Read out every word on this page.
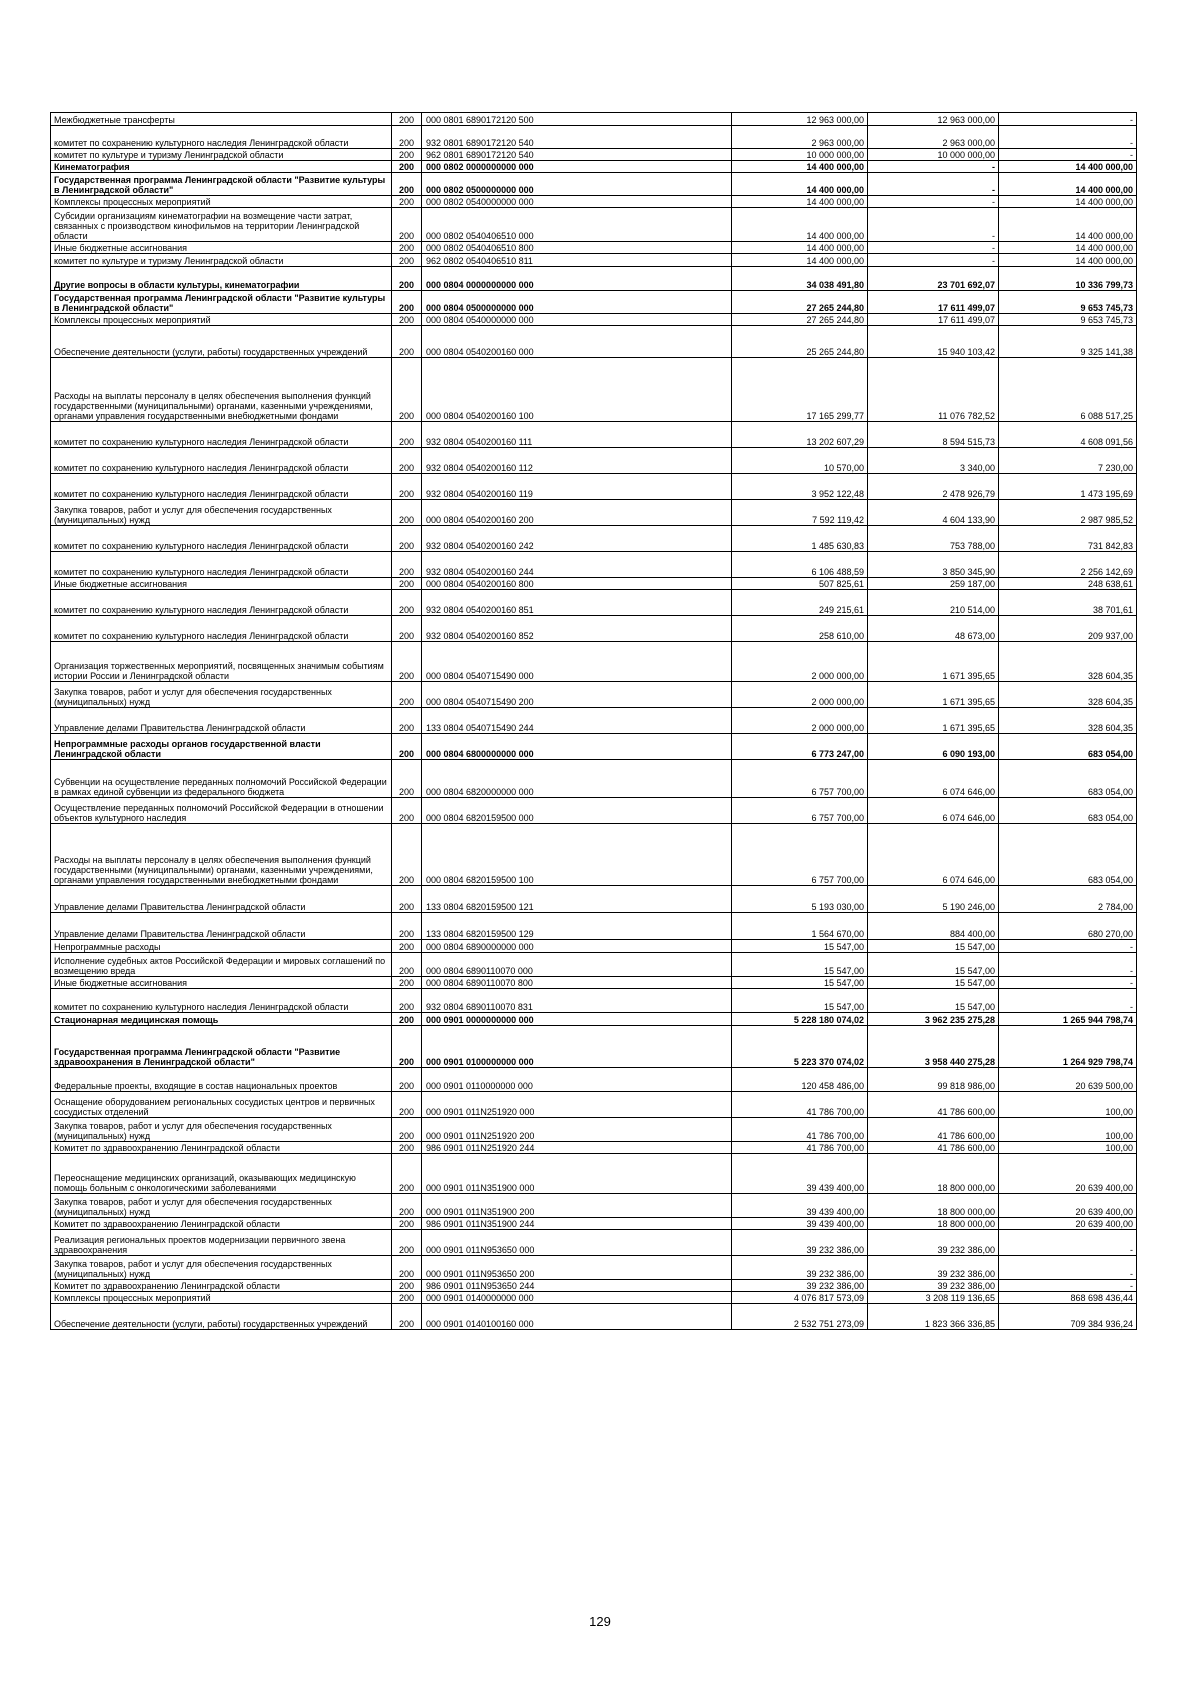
Межбюджетные трансферты	200	000 0801 6890172120 500	12 963 000,00	12 963 000,00	-
комитет по сохранению культурного наследия Ленинградской области	200	932 0801 6890172120 540	2 963 000,00	2 963 000,00	-
комитет по культуре и туризму Ленинградской области	200	962 0801 6890172120 540	10 000 000,00	10 000 000,00	-
Кинематография	200	000 0802 0000000000 000	14 400 000,00	-	14 400 000,00
Государственная программа Ленинградской области "Развитие культуры в Ленинградской области"	200	000 0802 0500000000 000	14 400 000,00	-	14 400 000,00
Комплексы процессных мероприятий	200	000 0802 0540000000 000	14 400 000,00	-	14 400 000,00
Субсидии организациям кинематографии на возмещение части затрат, связанных с производством кинофильмов на территории Ленинградской области	200	000 0802 0540406510 000	14 400 000,00	-	14 400 000,00
Иные бюджетные ассигнования	200	000 0802 0540406510 800	14 400 000,00	-	14 400 000,00
комитет по культуре и туризму Ленинградской области	200	962 0802 0540406510 811	14 400 000,00	-	14 400 000,00
Другие вопросы в области культуры, кинематографии	200	000 0804 0000000000 000	34 038 491,80	23 701 692,07	10 336 799,73
Государственная программа Ленинградской области "Развитие культуры в Ленинградской области"	200	000 0804 0500000000 000	27 265 244,80	17 611 499,07	9 653 745,73
Комплексы процессных мероприятий	200	000 0804 0540000000 000	27 265 244,80	17 611 499,07	9 653 745,73
Обеспечение деятельности (услуги, работы) государственных учреждений	200	000 0804 0540200160 000	25 265 244,80	15 940 103,42	9 325 141,38
Расходы на выплаты персоналу в целях обеспечения выполнения функций государственными (муниципальными) органами, казенными учреждениями, органами управления государственными внебюджетными фондами	200	000 0804 0540200160 100	17 165 299,77	11 076 782,52	6 088 517,25
комитет по сохранению культурного наследия Ленинградской области	200	932 0804 0540200160 111	13 202 607,29	8 594 515,73	4 608 091,56
комитет по сохранению культурного наследия Ленинградской области	200	932 0804 0540200160 112	10 570,00	3 340,00	7 230,00
комитет по сохранению культурного наследия Ленинградской области	200	932 0804 0540200160 119	3 952 122,48	2 478 926,79	1 473 195,69
Закупка товаров, работ и услуг для обеспечения государственных (муниципальных) нужд	200	000 0804 0540200160 200	7 592 119,42	4 604 133,90	2 987 985,52
комитет по сохранению культурного наследия Ленинградской области	200	932 0804 0540200160 242	1 485 630,83	753 788,00	731 842,83
комитет по сохранению культурного наследия Ленинградской области	200	932 0804 0540200160 244	6 106 488,59	3 850 345,90	2 256 142,69
Иные бюджетные ассигнования	200	000 0804 0540200160 800	507 825,61	259 187,00	248 638,61
комитет по сохранению культурного наследия Ленинградской области	200	932 0804 0540200160 851	249 215,61	210 514,00	38 701,61
комитет по сохранению культурного наследия Ленинградской области	200	932 0804 0540200160 852	258 610,00	48 673,00	209 937,00
Организация торжественных мероприятий, посвященных значимым событиям истории России и Ленинградской области	200	000 0804 0540715490 000	2 000 000,00	1 671 395,65	328 604,35
Закупка товаров, работ и услуг для обеспечения государственных (муниципальных) нужд	200	000 0804 0540715490 200	2 000 000,00	1 671 395,65	328 604,35
Управление делами Правительства Ленинградской области	200	133 0804 0540715490 244	2 000 000,00	1 671 395,65	328 604,35
Непрограммные расходы органов государственной власти Ленинградской области	200	000 0804 6800000000 000	6 773 247,00	6 090 193,00	683 054,00
Субвенции на осуществление переданных полномочий Российской Федерации в рамках единой субвенции из федерального бюджета	200	000 0804 6820000000 000	6 757 700,00	6 074 646,00	683 054,00
Осуществление переданных полномочий Российской Федерации в отношении объектов культурного наследия	200	000 0804 6820159500 000	6 757 700,00	6 074 646,00	683 054,00
Расходы на выплаты персоналу в целях обеспечения выполнения функций государственными (муниципальными) органами, казенными учреждениями, органами управления государственными внебюджетными фондами	200	000 0804 6820159500 100	6 757 700,00	6 074 646,00	683 054,00
Управление делами Правительства Ленинградской области	200	133 0804 6820159500 121	5 193 030,00	5 190 246,00	2 784,00
Управление делами Правительства Ленинградской области	200	133 0804 6820159500 129	1 564 670,00	884 400,00	680 270,00
Непрограммные расходы	200	000 0804 6890000000 000	15 547,00	15 547,00	-
Исполнение судебных актов Российской Федерации и мировых соглашений по возмещению вреда	200	000 0804 6890110070 000	15 547,00	15 547,00	-
Иные бюджетные ассигнования	200	000 0804 6890110070 800	15 547,00	15 547,00	-
комитет по сохранению культурного наследия Ленинградской области	200	932 0804 6890110070 831	15 547,00	15 547,00	-
Стационарная медицинская помощь	200	000 0901 0000000000 000	5 228 180 074,02	3 962 235 275,28	1 265 944 798,74
Государственная программа Ленинградской области "Развитие здравоохранения в Ленинградской области"	200	000 0901 0100000000 000	5 223 370 074,02	3 958 440 275,28	1 264 929 798,74
Федеральные проекты, входящие в состав национальных проектов	200	000 0901 0110000000 000	120 458 486,00	99 818 986,00	20 639 500,00
Оснащение оборудованием региональных сосудистых центров и первичных сосудистых отделений	200	000 0901 011N251920 000	41 786 700,00	41 786 600,00	100,00
Закупка товаров, работ и услуг для обеспечения государственных (муниципальных) нужд	200	000 0901 011N251920 200	41 786 700,00	41 786 600,00	100,00
Комитет по здравоохранению Ленинградской области	200	986 0901 011N251920 244	41 786 700,00	41 786 600,00	100,00
Переоснащение медицинских организаций, оказывающих медицинскую помощь больным с онкологическими заболеваниями	200	000 0901 011N351900 000	39 439 400,00	18 800 000,00	20 639 400,00
Закупка товаров, работ и услуг для обеспечения государственных (муниципальных) нужд	200	000 0901 011N351900 200	39 439 400,00	18 800 000,00	20 639 400,00
Комитет по здравоохранению Ленинградской области	200	986 0901 011N351900 244	39 439 400,00	18 800 000,00	20 639 400,00
Реализация региональных проектов модернизации первичного звена здравоохранения	200	000 0901 011N953650 000	39 232 386,00	39 232 386,00	-
Закупка товаров, работ и услуг для обеспечения государственных (муниципальных) нужд	200	000 0901 011N953650 200	39 232 386,00	39 232 386,00	-
Комитет по здравоохранению Ленинградской области	200	986 0901 011N953650 244	39 232 386,00	39 232 386,00	-
Комплексы процессных мероприятий	200	000 0901 0140000000 000	4 076 817 573,09	3 208 119 136,65	868 698 436,44
Обеспечение деятельности (услуги, работы) государственных учреждений	200	000 0901 0140100160 000	2 532 751 273,09	1 823 366 336,85	709 384 936,24
129
